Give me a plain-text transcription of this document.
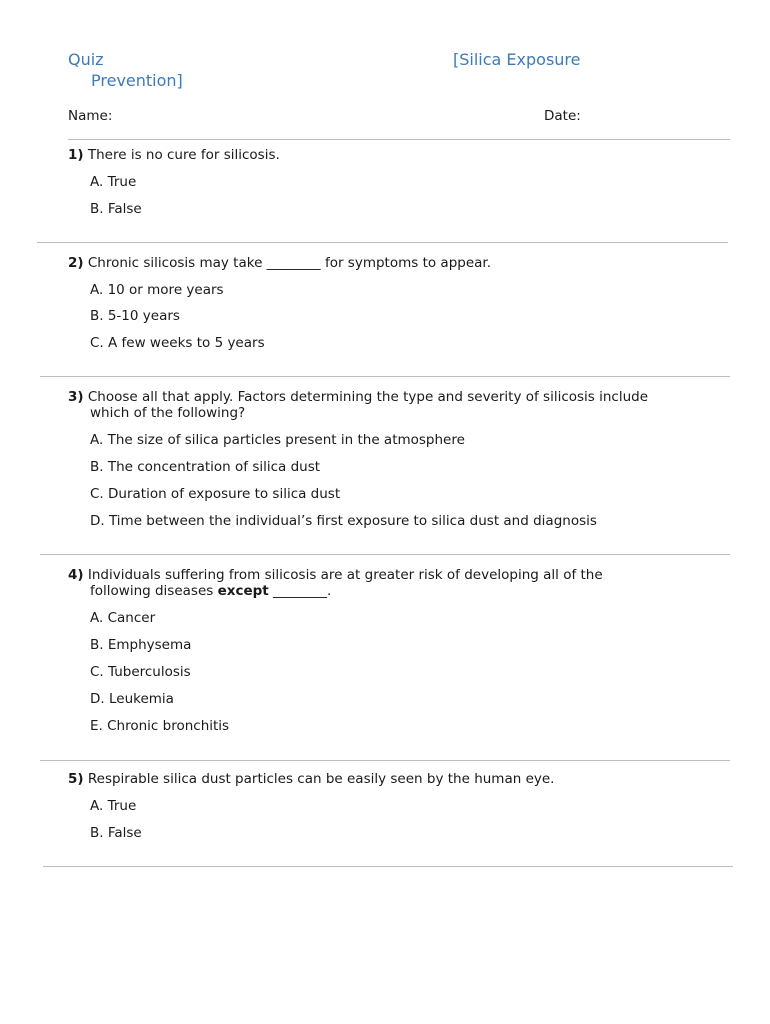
Quiz	[Silica Exposure
Prevention]
Name:	Date:
1) There is no cure for silicosis.
A. True
B. False
2) Chronic silicosis may take ________ for symptoms to appear.
A. 10 or more years
B. 5-10 years
C. A few weeks to 5 years
3) Choose all that apply. Factors determining the type and severity of silicosis include
which of the following?
A. The size of silica particles present in the atmosphere
B. The concentration of silica dust
C. Duration of exposure to silica dust
D. Time between the individual’s first exposure to silica dust and diagnosis
4) Individuals suffering from silicosis are at greater risk of developing all of the
following diseases except ________.
A. Cancer
B. Emphysema
C. Tuberculosis
D. Leukemia
E. Chronic bronchitis
5) Respirable silica dust particles can be easily seen by the human eye.
A. True
B. False
